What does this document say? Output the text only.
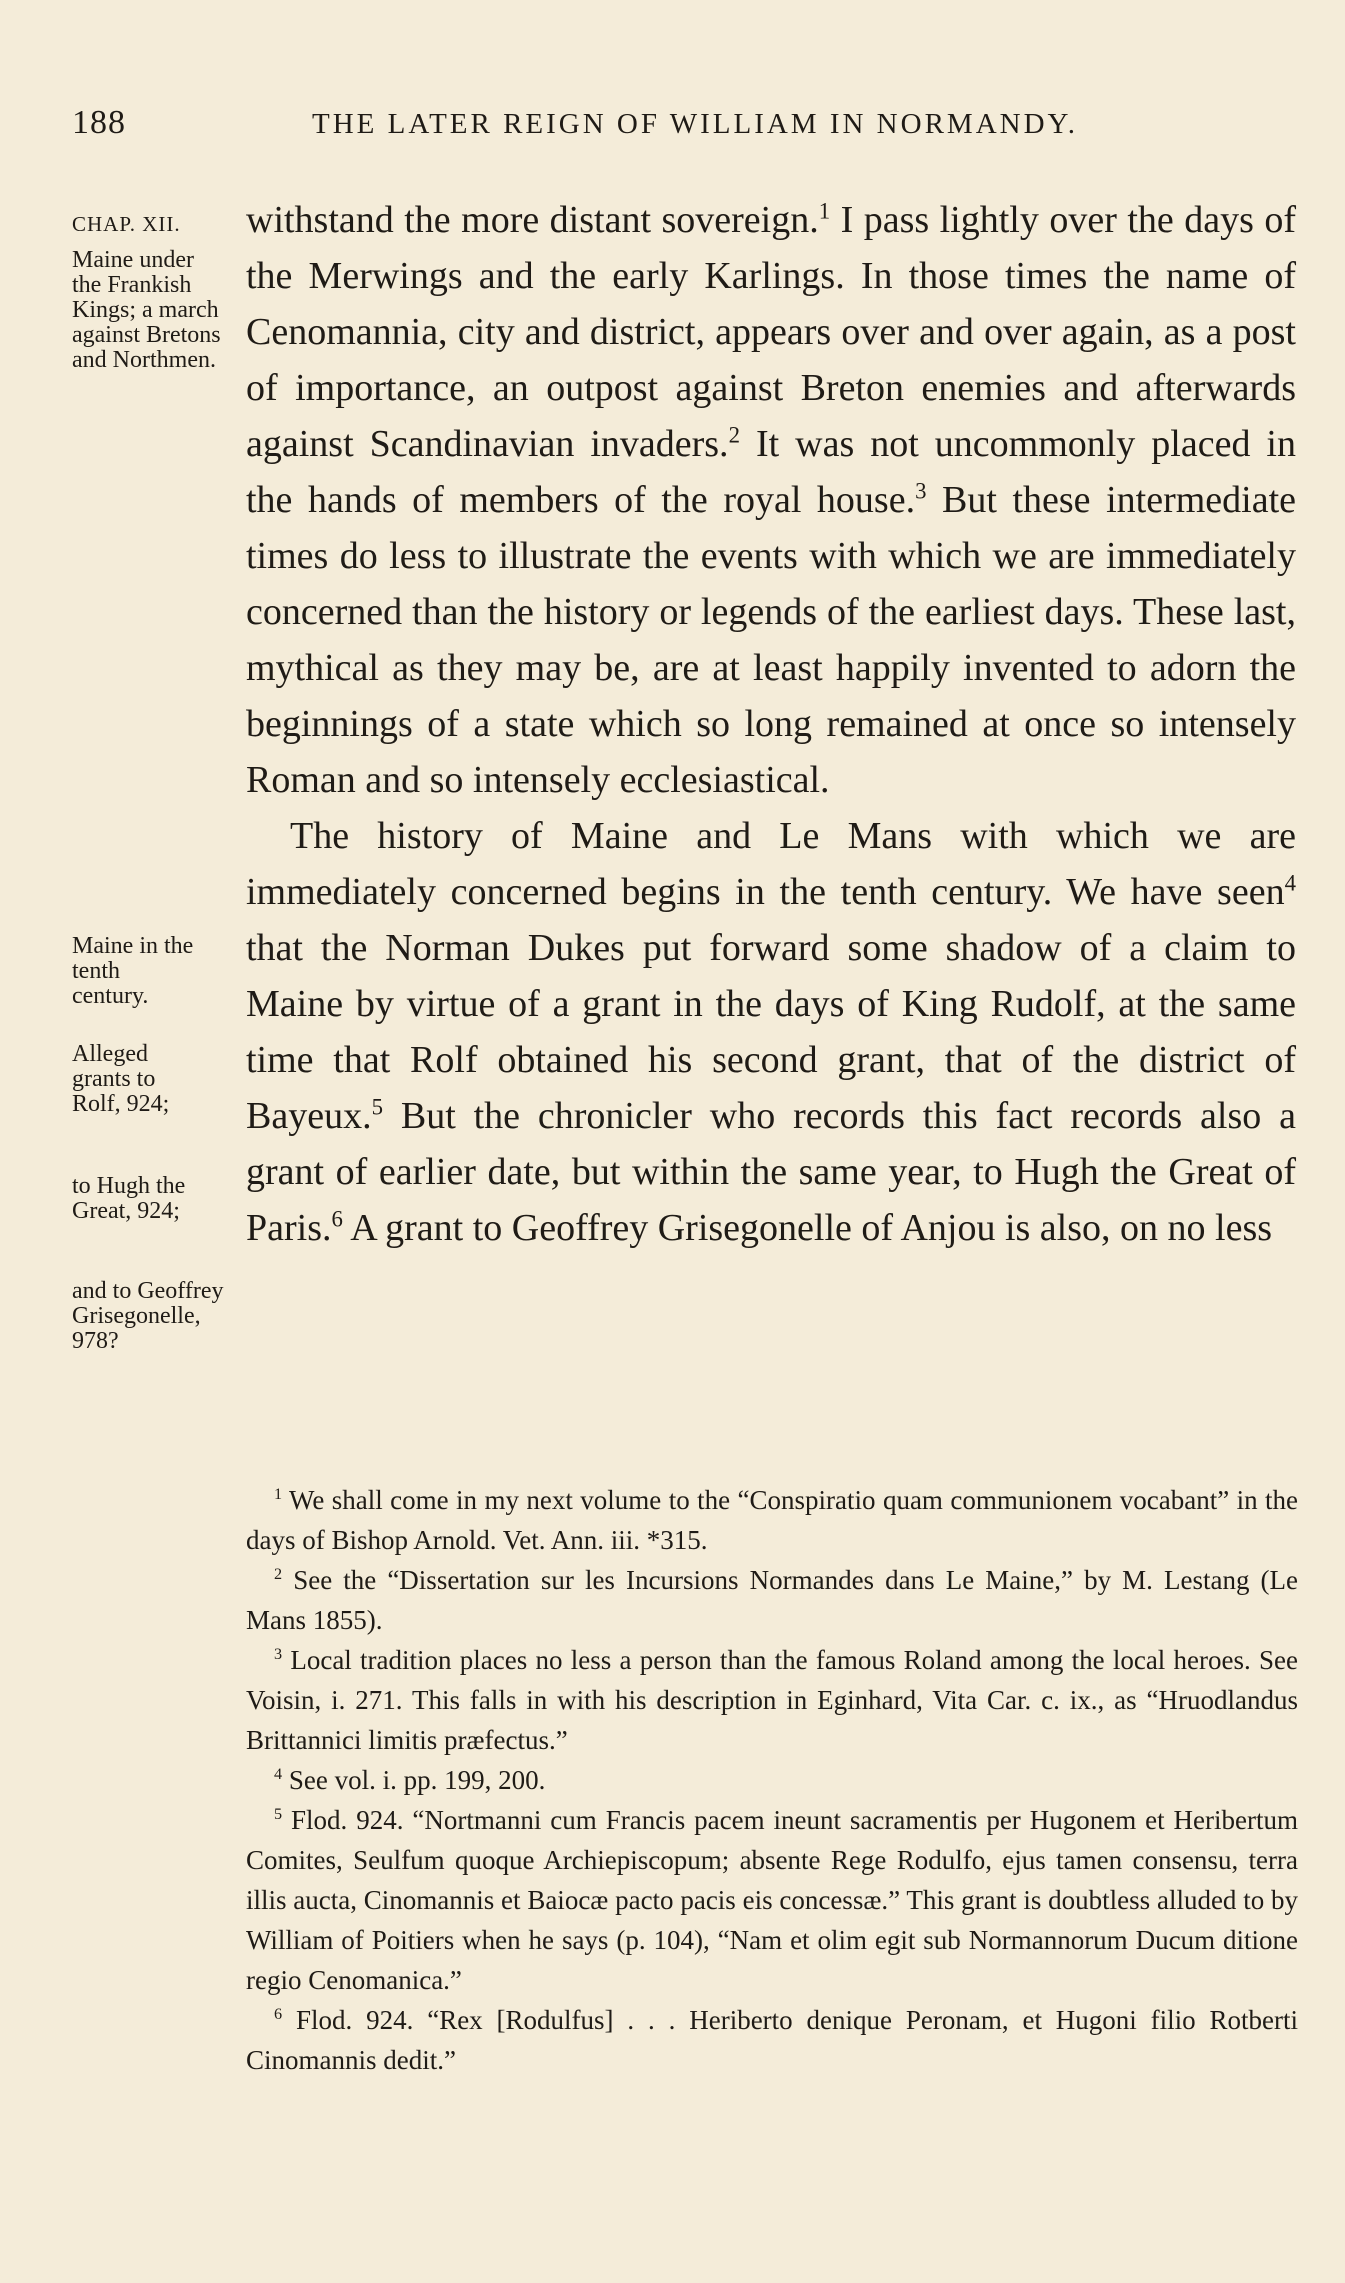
188	THE LATER REIGN OF WILLIAM IN NORMANDY.
CHAP. XII.
Maine under the Frankish Kings; a march against Bretons and Northmen.
Maine in the tenth century.
Alleged grants to Rolf, 924;
to Hugh the Great, 924;
and to Geoffrey Grisegonelle, 978?

withstand the more distant sovereign.$^1$ I pass lightly over the days of the Merwings and the early Karlings. In those times the name of Cenomannia, city and district, appears over and over again, as a post of importance, an outpost against Breton enemies and afterwards against Scandinavian invaders.$^2$ It was not uncommonly placed in the hands of members of the royal house.$^3$ But these intermediate times do less to illustrate the events with which we are immediately concerned than the history or legends of the earliest days. These last, mythical as they may be, are at least happily invented to adorn the beginnings of a state which so long remained at once so intensely Roman and so intensely ecclesiastical.

The history of Maine and Le Mans with which we are immediately concerned begins in the tenth century. We have seen$^4$ that the Norman Dukes put forward some shadow of a claim to Maine by virtue of a grant in the days of King Rudolf, at the same time that Rolf obtained his second grant, that of the district of Bayeux.$^5$ But the chronicler who records this fact records also a grant of earlier date, but within the same year, to Hugh the Great of Paris.$^6$ A grant to Geoffrey Grisegonelle of Anjou is also, on no less

$^1$ We shall come in my next volume to the “Conspiratio quam communionem vocabant” in the days of Bishop Arnold. Vet. Ann. iii. *315.

$^2$ See the “Dissertation sur les Incursions Normandes dans Le Maine,” by M. Lestang (Le Mans 1855).

$^3$ Local tradition places no less a person than the famous Roland among the local heroes. See Voisin, i. 271. This falls in with his description in Eginhard, Vita Car. c. ix., as “Hruodlandus Brittannici limitis præfectus.”

$^4$ See vol. i. pp. 199, 200.

$^5$ Flod. 924. “Nortmanni cum Francis pacem ineunt sacramentis per Hugonem et Heribertum Comites, Seulfum quoque Archiepiscopum; absente Rege Rodulfo, ejus tamen consensu, terra illis aucta, Cinomannis et Baiocæ pacto pacis eis concessæ.” This grant is doubtless alluded to by William of Poitiers when he says (p. 104), “Nam et olim egit sub Normannorum Ducum ditione regio Cenomanica.”

$^6$ Flod. 924. “Rex [Rodulfus] . . . Heriberto denique Peronam, et Hugoni filio Rotberti Cinomannis dedit.”
